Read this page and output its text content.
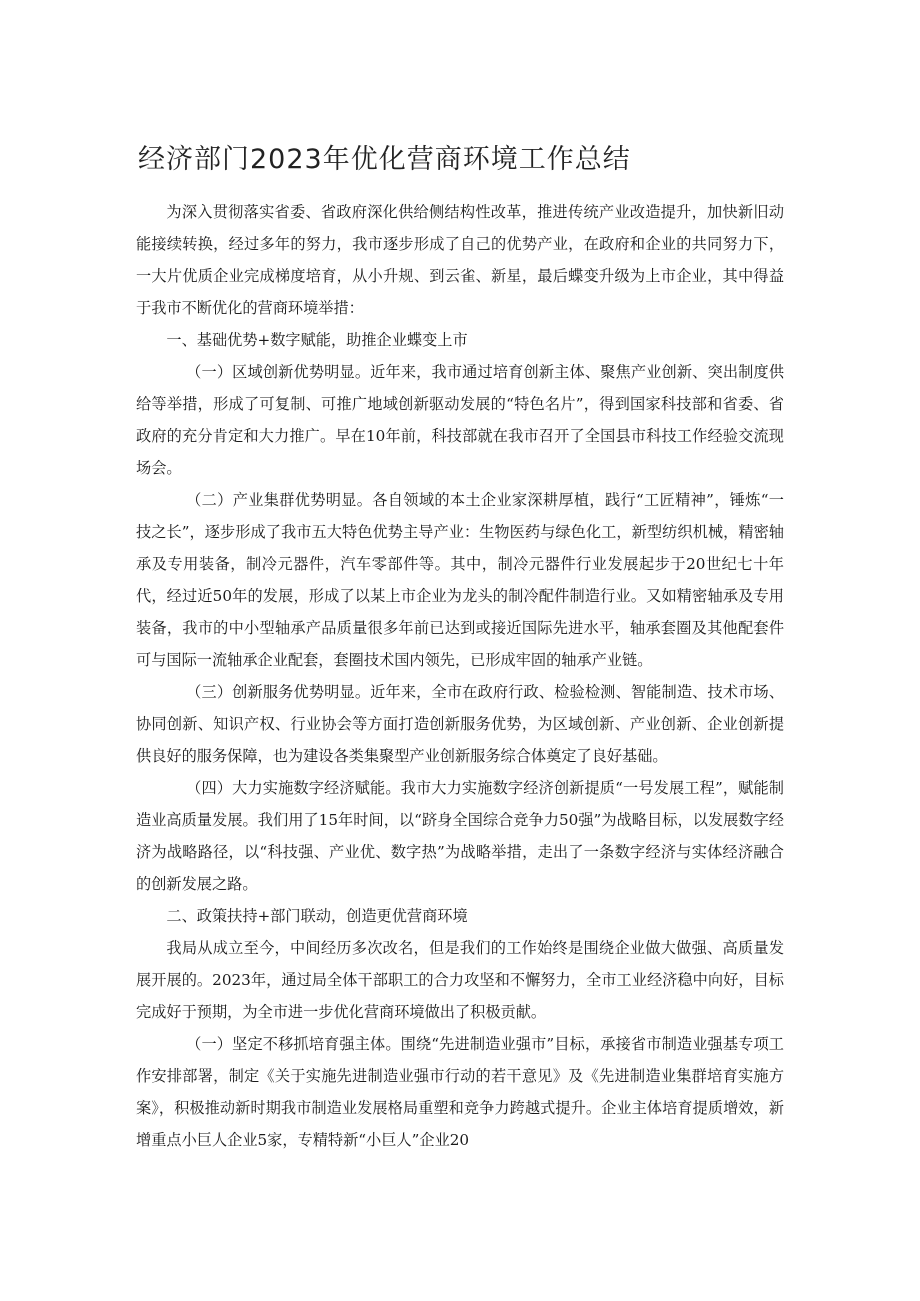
经济部门2023年优化营商环境工作总结

为深入贯彻落实省委、省政府深化供给侧结构性改革，推进传统产业改造提升，加快新旧动能接续转换，经过多年的努力，我市逐步形成了自己的优势产业，在政府和企业的共同努力下，一大片优质企业完成梯度培育，从小升规、到云雀、新星，最后蝶变升级为上市企业，其中得益于我市不断优化的营商环境举措：

一、基础优势+数字赋能，助推企业蝶变上市

（一）区域创新优势明显。近年来，我市通过培育创新主体、聚焦产业创新、突出制度供给等举措，形成了可复制、可推广地域创新驱动发展的“特色名片”，得到国家科技部和省委、省政府的充分肯定和大力推广。早在10年前，科技部就在我市召开了全国县市科技工作经验交流现场会。

（二）产业集群优势明显。各自领域的本土企业家深耕厚植，践行“工匠精神”，锤炼“一技之长”，逐步形成了我市五大特色优势主导产业：生物医药与绿色化工，新型纺织机械，精密轴承及专用装备，制冷元器件，汽车零部件等。其中，制冷元器件行业发展起步于20世纪七十年代，经过近50年的发展，形成了以某上市企业为龙头的制冷配件制造行业。又如精密轴承及专用装备，我市的中小型轴承产品质量很多年前已达到或接近国际先进水平，轴承套圈及其他配套件可与国际一流轴承企业配套，套圈技术国内领先，已形成牢固的轴承产业链。

（三）创新服务优势明显。近年来，全市在政府行政、检验检测、智能制造、技术市场、协同创新、知识产权、行业协会等方面打造创新服务优势，为区域创新、产业创新、企业创新提供良好的服务保障，也为建设各类集聚型产业创新服务综合体奠定了良好基础。

（四）大力实施数字经济赋能。我市大力实施数字经济创新提质“一号发展工程”，赋能制造业高质量发展。我们用了15年时间，以“跻身全国综合竞争力50强”为战略目标，以发展数字经济为战略路径，以“科技强、产业优、数字热”为战略举措，走出了一条数字经济与实体经济融合的创新发展之路。

二、政策扶持+部门联动，创造更优营商环境

我局从成立至今，中间经历多次改名，但是我们的工作始终是围绕企业做大做强、高质量发展开展的。2023年，通过局全体干部职工的合力攻坚和不懈努力，全市工业经济稳中向好，目标完成好于预期，为全市进一步优化营商环境做出了积极贡献。

（一）坚定不移抓培育强主体。围绕“先进制造业强市”目标，承接省市制造业强基专项工作安排部署，制定《关于实施先进制造业强市行动的若干意见》及《先进制造业集群培育实施方案》，积极推动新时期我市制造业发展格局重塑和竞争力跨越式提升。企业主体培育提质增效，新增重点小巨人企业5家，专精特新“小巨人”企业20
